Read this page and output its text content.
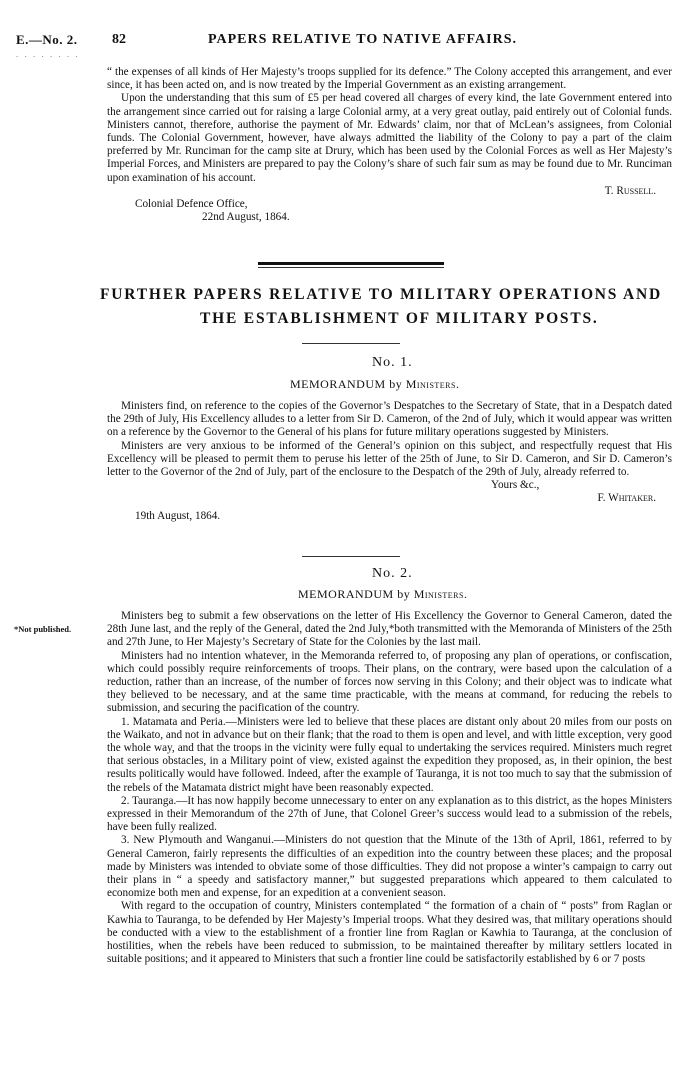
E.—No. 2. 82	PAPERS RELATIVE TO NATIVE AFFAIRS.
. . . . . . . .

“ the expenses of all kinds of Her Majesty’s troops supplied for its defence.” The Colony accepted this arrangement, and ever since, it has been acted on, and is now treated by the Imperial Government as an existing arrangement.

Upon the understanding that this sum of £5 per head covered all charges of every kind, the late Government entered into the arrangement since carried out for raising a large Colonial army, at a very great outlay, paid entirely out of Colonial funds. Ministers cannot, therefore, authorise the payment of Mr. Edwards’ claim, nor that of McLean’s assignees, from Colonial funds. The Colonial Government, however, have always admitted the liability of the Colony to pay a part of the claim preferred by Mr. Runciman for the camp site at Drury, which has been used by the Colonial Forces as well as Her Majesty’s Imperial Forces, and Ministers are prepared to pay the Colony’s share of such fair sum as may be found due to Mr. Runciman upon examination of his account.

T. Russell.

Colonial Defence Office,

22nd August, 1864.

FURTHER PAPERS RELATIVE TO MILITARY OPERATIONS AND
THE ESTABLISHMENT OF MILITARY POSTS.
No. 1.
MEMORANDUM by Ministers.

Ministers find, on reference to the copies of the Governor’s Despatches to the Secretary of State, that in a Despatch dated the 29th of July, His Excellency alludes to a letter from Sir D. Cameron, of the 2nd of July, which it would appear was written on a reference by the Governor to the General of his plans for future military operations suggested by Ministers.

Ministers are very anxious to be informed of the General’s opinion on this subject, and respectfully request that His Excellency will be pleased to permit them to peruse his letter of the 25th of June, to Sir D. Cameron, and Sir D. Cameron’s letter to the Governor of the 2nd of July, part of the enclosure to the Despatch of the 29th of July, already referred to.

Yours &c.,

F. Whitaker.

19th August, 1864.

No. 2.
MEMORANDUM by Ministers.
*Not published.

Ministers beg to submit a few observations on the letter of His Excellency the Governor to General Cameron, dated the 28th June last, and the reply of the General, dated the 2nd July,*both transmitted with the Memoranda of Ministers of the 25th and 27th June, to Her Majesty’s Secretary of State for the Colonies by the last mail.

Ministers had no intention whatever, in the Memoranda referred to, of proposing any plan of operations, or confiscation, which could possibly require reinforcements of troops. Their plans, on the contrary, were based upon the calculation of a reduction, rather than an increase, of the number of forces now serving in this Colony; and their object was to indicate what they believed to be necessary, and at the same time practicable, with the means at command, for reducing the rebels to submission, and securing the pacification of the country.

1. Matamata and Peria.—Ministers were led to believe that these places are distant only about 20 miles from our posts on the Waikato, and not in advance but on their flank; that the road to them is open and level, and with little exception, very good the whole way, and that the troops in the vicinity were fully equal to undertaking the services required. Ministers much regret that serious obstacles, in a Military point of view, existed against the expedition they proposed, as, in their opinion, the best results politically would have followed. Indeed, after the example of Tauranga, it is not too much to say that the submission of the rebels of the Matamata district might have been reasonably expected.

2. Tauranga.—It has now happily become unnecessary to enter on any explanation as to this district, as the hopes Ministers expressed in their Memorandum of the 27th of June, that Colonel Greer’s success would lead to a submission of the rebels, have been fully realized.

3. New Plymouth and Wanganui.—Ministers do not question that the Minute of the 13th of April, 1861, referred to by General Cameron, fairly represents the difficulties of an expedition into the country between these places; and the proposal made by Ministers was intended to obviate some of those difficulties. They did not propose a winter’s campaign to carry out their plans in “ a speedy and satisfactory manner,” but suggested preparations which appeared to them calculated to economize both men and expense, for an expedition at a convenient season.

With regard to the occupation of country, Ministers contemplated “ the formation of a chain of “ posts” from Raglan or Kawhia to Tauranga, to be defended by Her Majesty’s Imperial troops. What they desired was, that military operations should be conducted with a view to the establishment of a frontier line from Raglan or Kawhia to Tauranga, at the conclusion of hostilities, when the rebels have been reduced to submission, to be maintained thereafter by military settlers located in suitable positions; and it appeared to Ministers that such a frontier line could be satisfactorily established by 6 or 7 posts
